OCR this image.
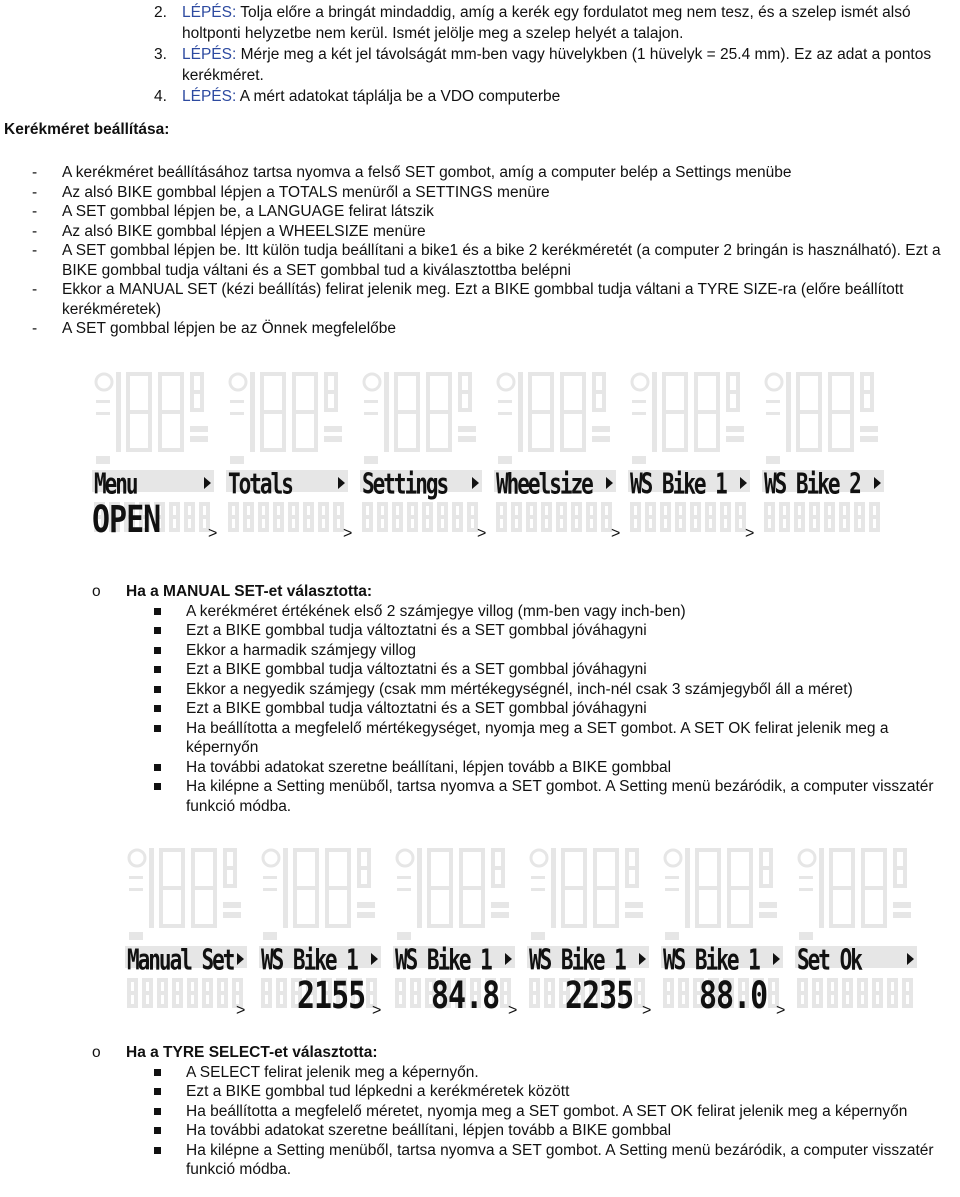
2. LÉPÉS: Tolja előre a bringát mindaddig, amíg a kerék egy fordulatot meg nem tesz, és a szelep ismét alsó holtponti helyzetbe nem kerül. Ismét jelölje meg a szelep helyét a talajon.
3. LÉPÉS: Mérje meg a két jel távolságát mm-ben vagy hüvelykben (1 hüvelyk = 25.4 mm). Ez az adat a pontos kerékméret.
4. LÉPÉS: A mért adatokat táplálja be a VDO computerbe
Kerékméret beállítása:
- A kerékméret beállításához tartsa nyomva a felső SET gombot, amíg a computer belép a Settings menübe
- Az alsó BIKE gombbal lépjen a TOTALS menüről a SETTINGS menüre
- A SET gombbal lépjen be, a LANGUAGE felirat látszik
- Az alsó BIKE gombbal lépjen a WHEELSIZE menüre
- A SET gombbal lépjen be. Itt külön tudja beállítani a bike1 és a bike 2 kerékméretét (a computer 2 bringán is használható). Ezt a BIKE gombbal tudja váltani és a SET gombbal tud a kiválasztottba belépni
- Ekkor a MANUAL SET (kézi beállítás) felirat jelenik meg. Ezt a BIKE gombbal tudja váltani a TYRE SIZE-ra (előre beállított kerékméretek)
- A SET gombbal lépjen be az Önnek megfelelőbe
Menu
OPEN
Totals	Settings	Wheelsize	WS Bike 1	WS Bike 2
>	>	>	>	>
o Ha a MANUAL SET-et választotta:
A kerékméret értékének első 2 számjegye villog (mm-ben vagy inch-ben)
Ezt a BIKE gombbal tudja változtatni és a SET gombbal jóváhagyni
Ekkor a harmadik számjegy villog
Ezt a BIKE gombbal tudja változtatni és a SET gombbal jóváhagyni
Ekkor a negyedik számjegy (csak mm mértékegységnél, inch-nél csak 3 számjegyből áll a méret)
Ezt a BIKE gombbal tudja változtatni és a SET gombbal jóváhagyni
Ha beállította a megfelelő mértékegységet, nyomja meg a SET gombot. A SET OK felirat jelenik meg a képernyőn
Ha további adatokat szeretne beállítani, lépjen tovább a BIKE gombbal
Ha kilépne a Setting menüből, tartsa nyomva a SET gombot. A Setting menü bezáródik, a computer visszatér funkció módba.
Manual Set	WS Bike 1
2155
WS Bike 1
84.8
WS Bike 1
2235
WS Bike 1
88.0
Set Ok
>	>	>	>	>
o Ha a TYRE SELECT-et választotta:
A SELECT felirat jelenik meg a képernyőn.
Ezt a BIKE gombbal tud lépkedni a kerékméretek között
Ha beállította a megfelelő méretet, nyomja meg a SET gombot. A SET OK felirat jelenik meg a képernyőn
Ha további adatokat szeretne beállítani, lépjen tovább a BIKE gombbal
Ha kilépne a Setting menüből, tartsa nyomva a SET gombot. A Setting menü bezáródik, a computer visszatér funkció módba.
